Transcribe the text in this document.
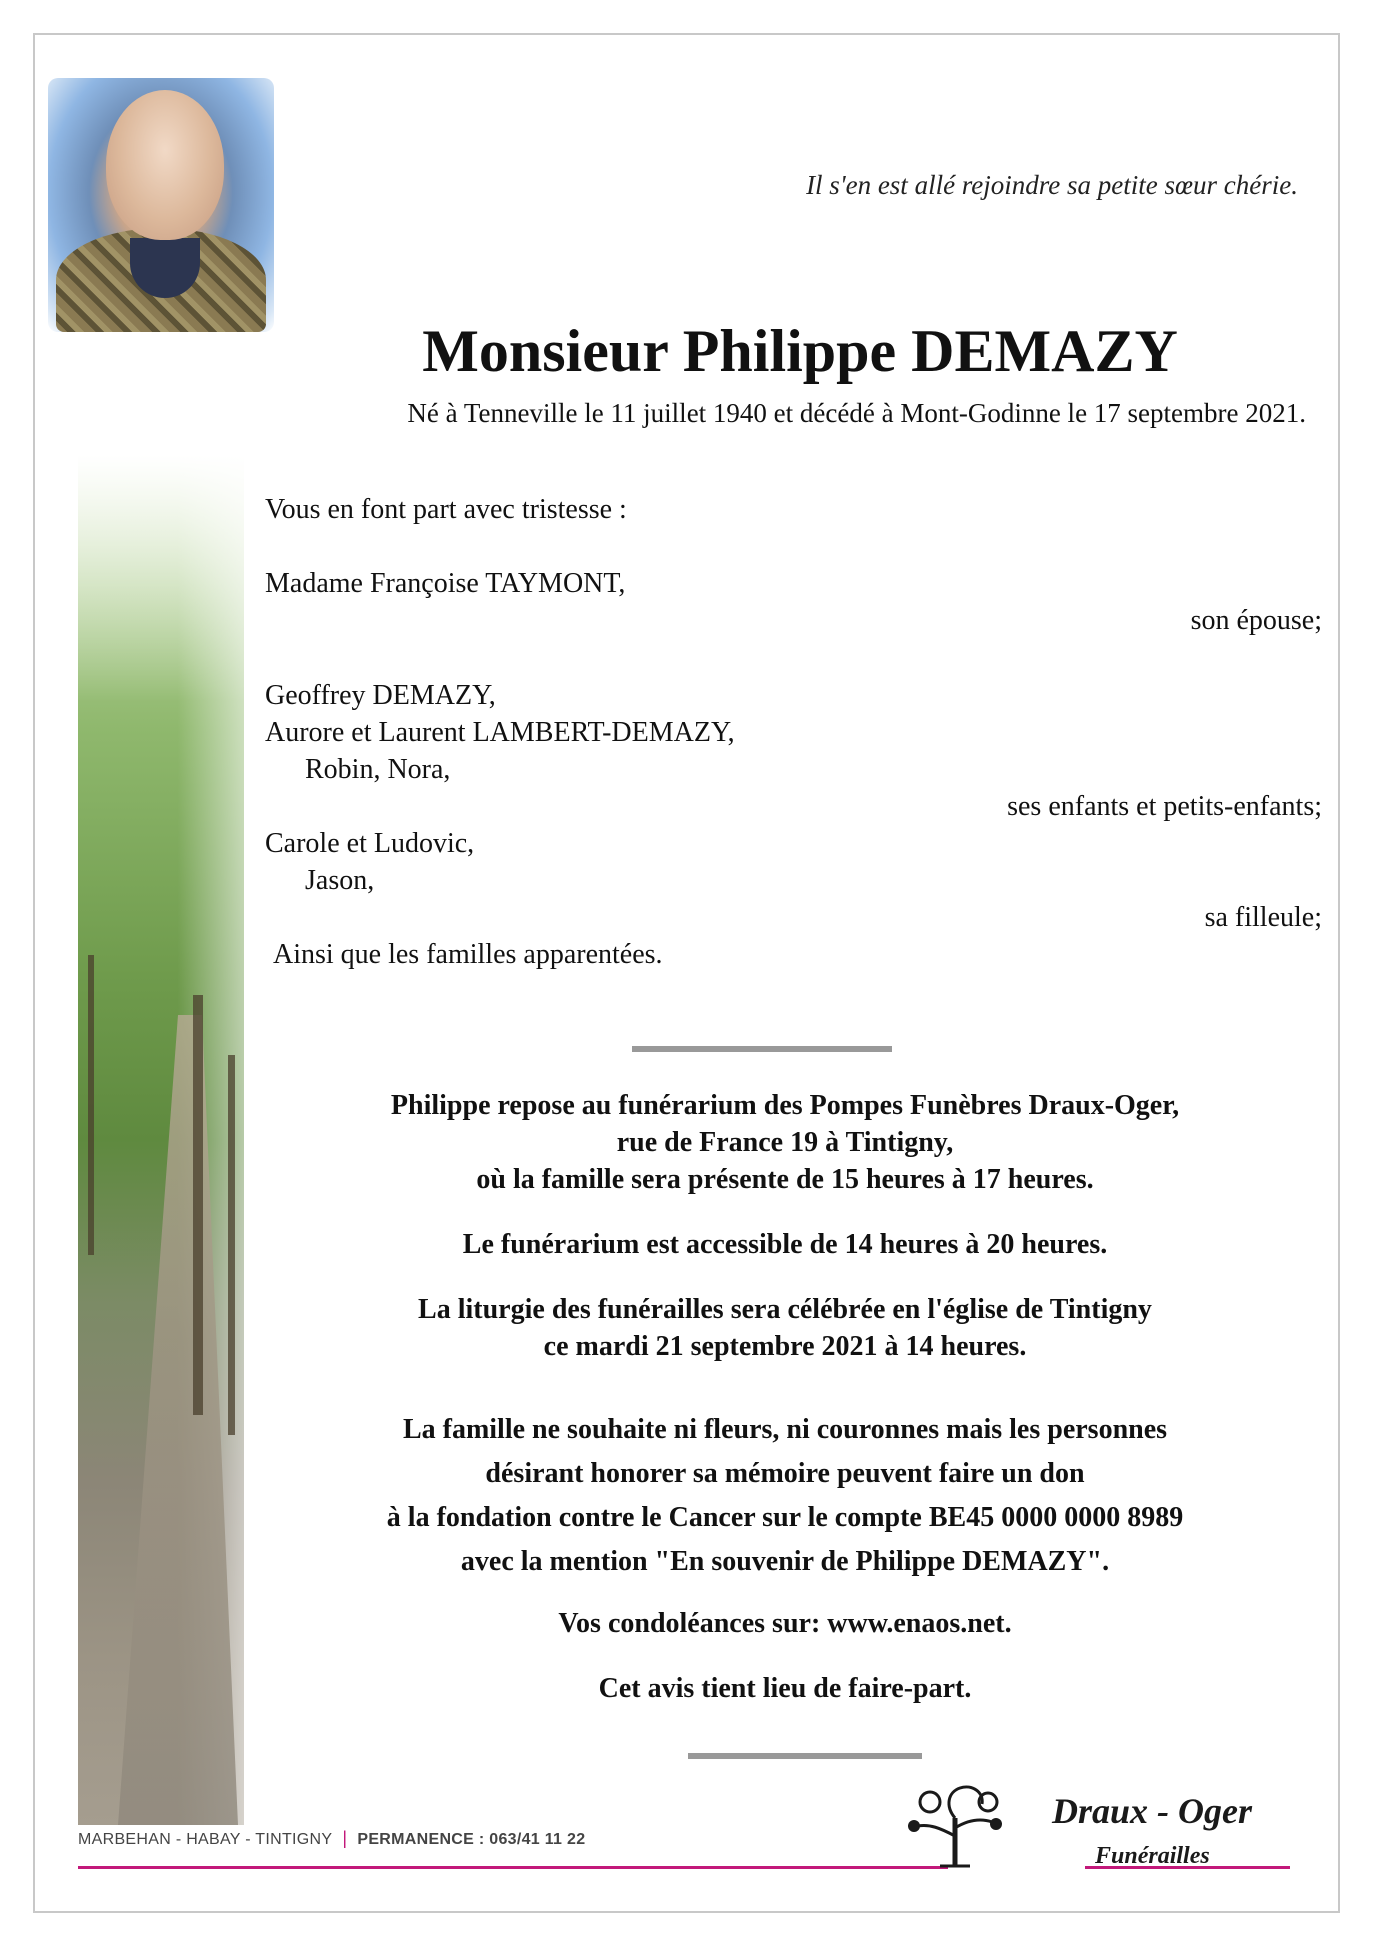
Il s'en est allé rejoindre sa petite sœur chérie.
Monsieur Philippe DEMAZY
Né à Tenneville le 11 juillet 1940 et décédé à Mont-Godinne le 17 septembre 2021.
Vous en font part avec tristesse :
Madame Françoise TAYMONT,
son épouse;
Geoffrey DEMAZY,
Aurore et Laurent LAMBERT-DEMAZY,
Robin, Nora,
ses enfants et petits-enfants;
Carole et Ludovic,
Jason,
sa filleule;
Ainsi que les familles apparentées.
Philippe repose au funérarium des Pompes Funèbres Draux-Oger,
rue de France 19 à Tintigny,
où la famille sera présente de 15 heures à 17 heures.
Le funérarium est accessible de 14 heures à 20 heures.
La liturgie des funérailles sera célébrée en l'église de Tintigny
ce mardi 21 septembre 2021 à 14 heures.
La famille ne souhaite ni fleurs, ni couronnes mais les personnes
désirant honorer sa mémoire peuvent faire un don
à la fondation contre le Cancer sur le compte BE45 0000 0000 8989
avec la mention "En souvenir de Philippe DEMAZY".
Vos condoléances sur: www.enaos.net.
Cet avis tient lieu de faire-part.
MARBEHAN - HABAY - TINTIGNY | PERMANENCE : 063/41 11 22
Draux - Oger
Funérailles
